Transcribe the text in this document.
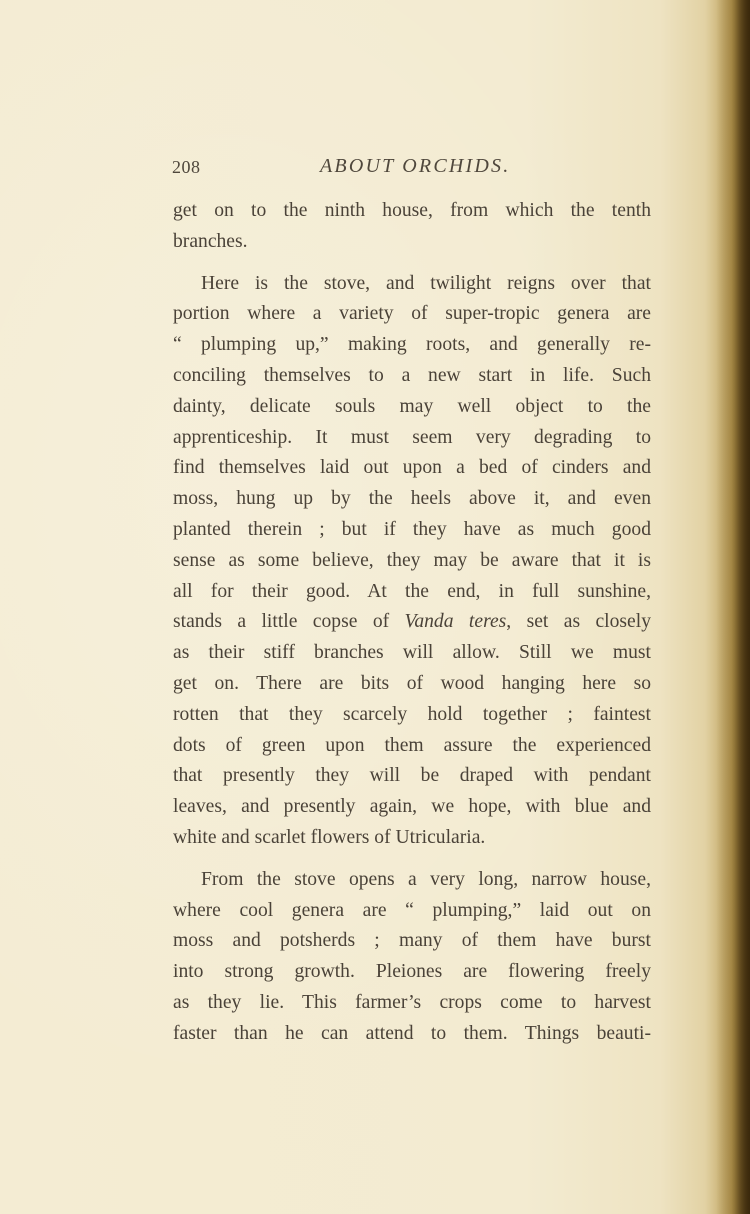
208	ABOUT ORCHIDS.
get on to the ninth house, from which the tenth
branches.
Here is the stove, and twilight reigns over that
portion where a variety of super-tropic genera are
“ plumping up,” making roots, and generally re-
conciling themselves to a new start in life. Such
dainty, delicate souls may well object to the
apprenticeship. It must seem very degrading to
find themselves laid out upon a bed of cinders and
moss, hung up by the heels above it, and even
planted therein ; but if they have as much good
sense as some believe, they may be aware that it is
all for their good. At the end, in full sunshine,
stands a little copse of Vanda teres, set as closely
as their stiff branches will allow. Still we must
get on. There are bits of wood hanging here so
rotten that they scarcely hold together ; faintest
dots of green upon them assure the experienced
that presently they will be draped with pendant
leaves, and presently again, we hope, with blue and
white and scarlet flowers of Utricularia.
From the stove opens a very long, narrow house,
where cool genera are “ plumping,” laid out on
moss and potsherds ; many of them have burst
into strong growth. Pleiones are flowering freely
as they lie. This farmer’s crops come to harvest
faster than he can attend to them. Things beauti-
